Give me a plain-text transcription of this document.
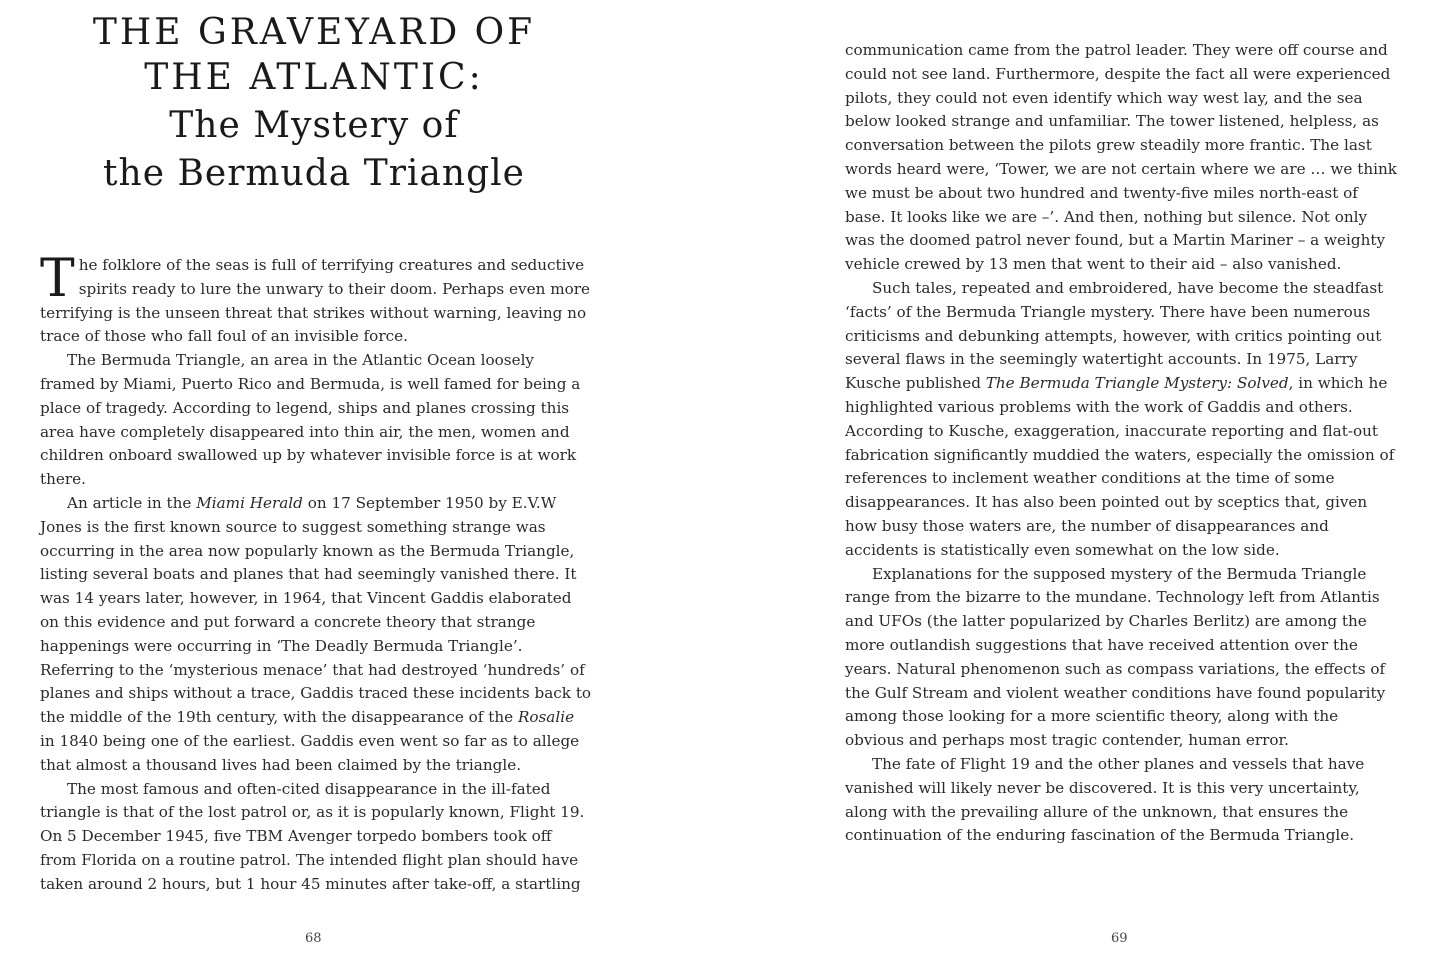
THE GRAVEYARD OF
THE ATLANTIC:
The Mystery of
the Bermuda Triangle

The folklore of the seas is full of terrifying creatures and seductive spirits ready to lure the unwary to their doom. Perhaps even more terrifying is the unseen threat that strikes without warning, leaving no trace of those who fall foul of an invisible force.

The Bermuda Triangle, an area in the Atlantic Ocean loosely framed by Miami, Puerto Rico and Bermuda, is well famed for being a place of tragedy. According to legend, ships and planes crossing this area have completely disappeared into thin air, the men, women and children onboard swallowed up by whatever invisible force is at work there.

An article in the Miami Herald on 17 September 1950 by E.V.W Jones is the first known source to suggest something strange was occurring in the area now popularly known as the Bermuda Triangle, listing several boats and planes that had seemingly vanished there. It was 14 years later, however, in 1964, that Vincent Gaddis elaborated on this evidence and put forward a concrete theory that strange happenings were occurring in ‘The Deadly Bermuda Triangle’. Referring to the ‘mysterious menace’ that had destroyed ‘hundreds’ of planes and ships without a trace, Gaddis traced these incidents back to the middle of the 19th century, with the disappearance of the Rosalie in 1840 being one of the earliest. Gaddis even went so far as to allege that almost a thousand lives had been claimed by the triangle.

The most famous and often-cited disappearance in the ill-fated triangle is that of the lost patrol or, as it is popularly known, Flight 19. On 5 December 1945, five TBM Avenger torpedo bombers took off from Florida on a routine patrol. The intended flight plan should have taken around 2 hours, but 1 hour 45 minutes after take-off, a startling

68

communication came from the patrol leader. They were off course and could not see land. Furthermore, despite the fact all were experienced pilots, they could not even identify which way west lay, and the sea below looked strange and unfamiliar. The tower listened, helpless, as conversation between the pilots grew steadily more frantic. The last words heard were, ‘Tower, we are not certain where we are … we think we must be about two hundred and twenty-five miles north-east of base. It looks like we are –’. And then, nothing but silence. Not only was the doomed patrol never found, but a Martin Mariner – a weighty vehicle crewed by 13 men that went to their aid – also vanished.

Such tales, repeated and embroidered, have become the steadfast ‘facts’ of the Bermuda Triangle mystery. There have been numerous criticisms and debunking attempts, however, with critics pointing out several flaws in the seemingly watertight accounts. In 1975, Larry Kusche published The Bermuda Triangle Mystery: Solved, in which he highlighted various problems with the work of Gaddis and others. According to Kusche, exaggeration, inaccurate reporting and flat-out fabrication significantly muddied the waters, especially the omission of references to inclement weather conditions at the time of some disappearances. It has also been pointed out by sceptics that, given how busy those waters are, the number of disappearances and accidents is statistically even somewhat on the low side.

Explanations for the supposed mystery of the Bermuda Triangle range from the bizarre to the mundane. Technology left from Atlantis and UFOs (the latter popularized by Charles Berlitz) are among the more outlandish suggestions that have received attention over the years. Natural phenomenon such as compass variations, the effects of the Gulf Stream and violent weather conditions have found popularity among those looking for a more scientific theory, along with the obvious and perhaps most tragic contender, human error.

The fate of Flight 19 and the other planes and vessels that have vanished will likely never be discovered. It is this very uncertainty, along with the prevailing allure of the unknown, that ensures the continuation of the enduring fascination of the Bermuda Triangle.

69
